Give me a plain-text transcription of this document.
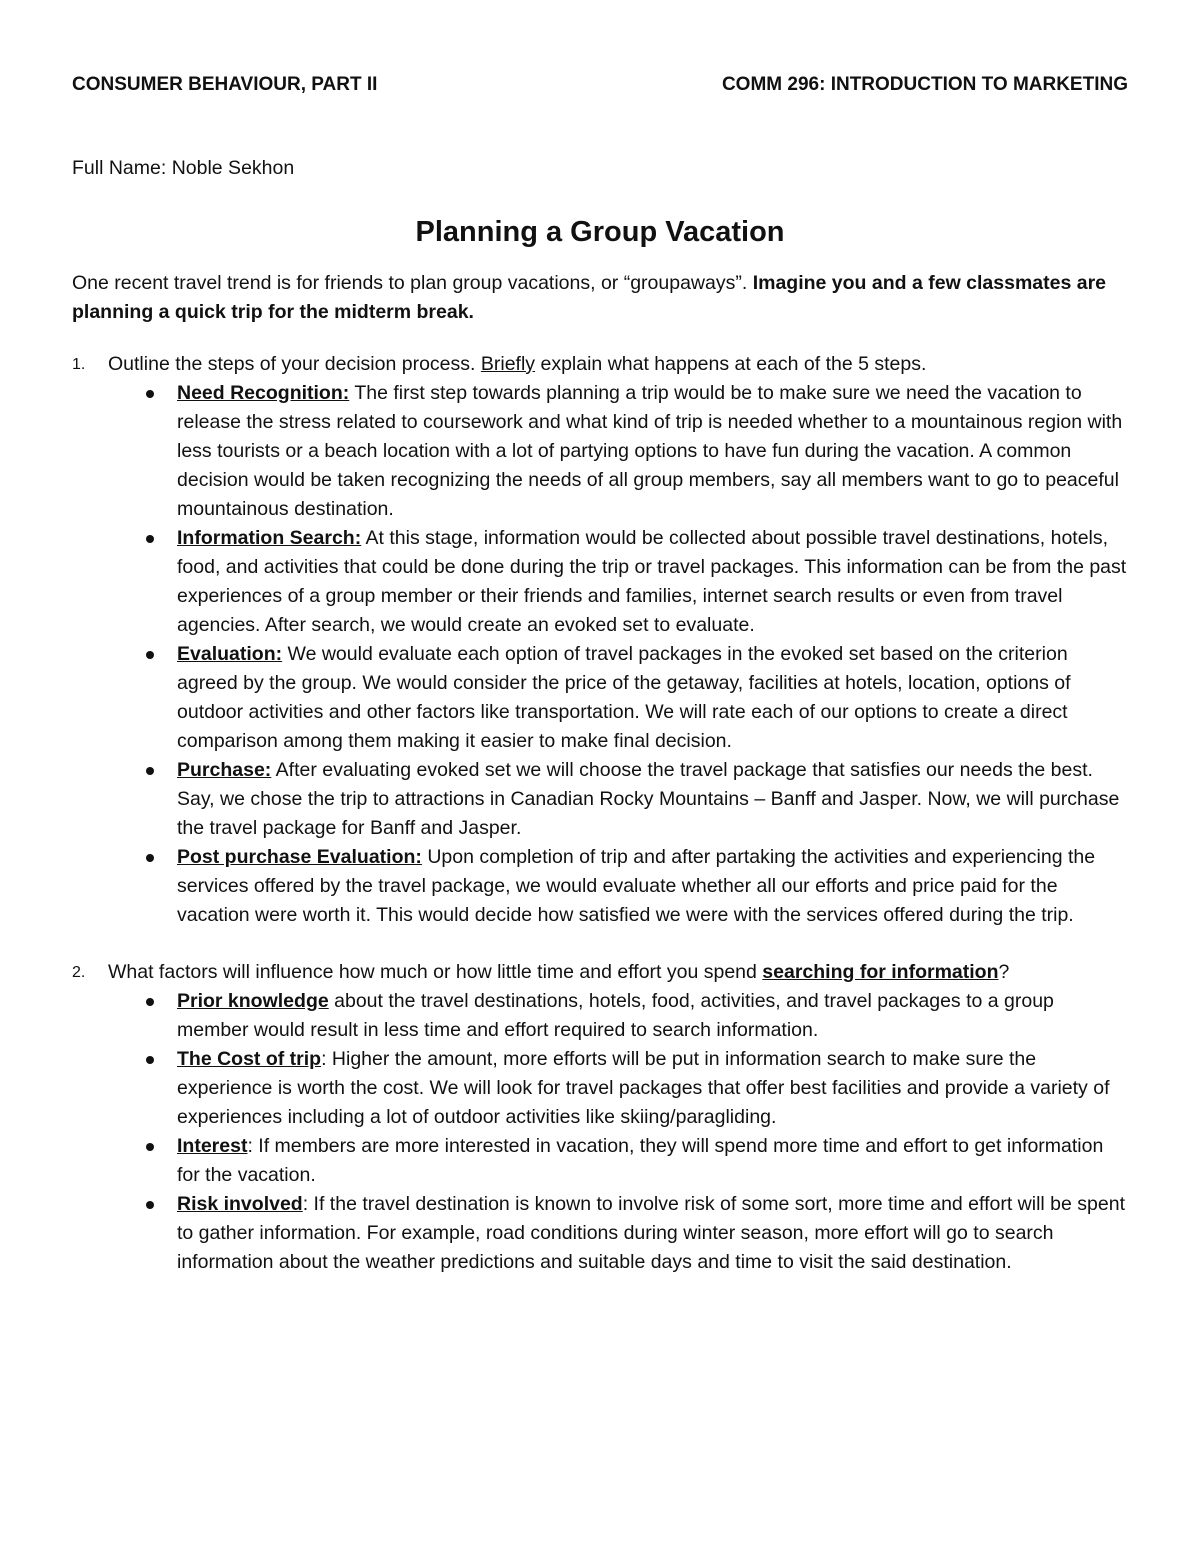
CONSUMER BEHAVIOUR, PART II	COMM 296: INTRODUCTION TO MARKETING
Full Name: Noble Sekhon
Planning a Group Vacation
One recent travel trend is for friends to plan group vacations, or “groupaways”. Imagine you and a few classmates are planning a quick trip for the midterm break.
1. Outline the steps of your decision process. Briefly explain what happens at each of the 5 steps.
Need Recognition: The first step towards planning a trip would be to make sure we need the vacation to release the stress related to coursework and what kind of trip is needed whether to a mountainous region with less tourists or a beach location with a lot of partying options to have fun during the vacation. A common decision would be taken recognizing the needs of all group members, say all members want to go to peaceful mountainous destination.
Information Search: At this stage, information would be collected about possible travel destinations, hotels, food, and activities that could be done during the trip or travel packages. This information can be from the past experiences of a group member or their friends and families, internet search results or even from travel agencies. After search, we would create an evoked set to evaluate.
Evaluation: We would evaluate each option of travel packages in the evoked set based on the criterion agreed by the group. We would consider the price of the getaway, facilities at hotels, location, options of outdoor activities and other factors like transportation. We will rate each of our options to create a direct comparison among them making it easier to make final decision.
Purchase: After evaluating evoked set we will choose the travel package that satisfies our needs the best. Say, we chose the trip to attractions in Canadian Rocky Mountains – Banff and Jasper. Now, we will purchase the travel package for Banff and Jasper.
Post purchase Evaluation: Upon completion of trip and after partaking the activities and experiencing the services offered by the travel package, we would evaluate whether all our efforts and price paid for the vacation were worth it. This would decide how satisfied we were with the services offered during the trip.
2. What factors will influence how much or how little time and effort you spend searching for information?
Prior knowledge about the travel destinations, hotels, food, activities, and travel packages to a group member would result in less time and effort required to search information.
The Cost of trip: Higher the amount, more efforts will be put in information search to make sure the experience is worth the cost. We will look for travel packages that offer best facilities and provide a variety of experiences including a lot of outdoor activities like skiing/paragliding.
Interest: If members are more interested in vacation, they will spend more time and effort to get information for the vacation.
Risk involved: If the travel destination is known to involve risk of some sort, more time and effort will be spent to gather information. For example, road conditions during winter season, more effort will go to search information about the weather predictions and suitable days and time to visit the said destination.
